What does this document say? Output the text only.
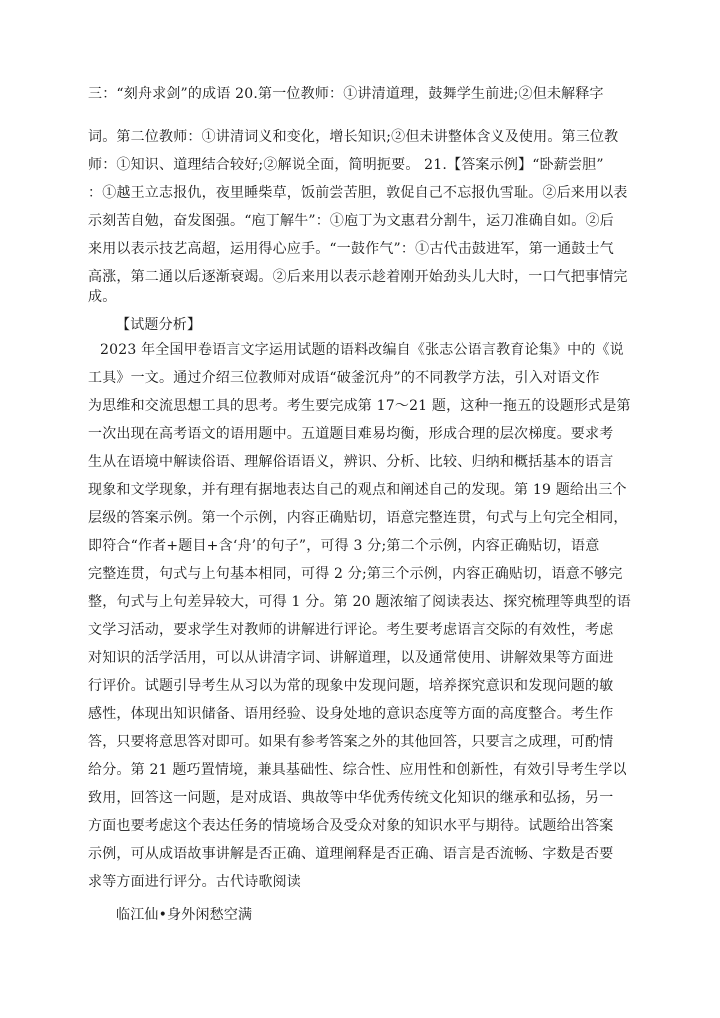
三：“刻舟求剑”的成语 20.第一位教师：①讲清道理，鼓舞学生前进;②但未解释字
词。第二位教师：①讲清词义和变化，增长知识;②但未讲整体含义及使用。第三位教
师：①知识、道理结合较好;②解说全面，简明扼要。 21.【答案示例】“卧薪尝胆”
：①越王立志报仇，夜里睡柴草，饭前尝苦胆，敦促自己不忘报仇雪耻。②后来用以表
示刻苦自勉，奋发图强。“庖丁解牛”：①庖丁为文惠君分割牛，运刀准确自如。②后
来用以表示技艺高超，运用得心应手。“一鼓作气”：①古代击鼓进军，第一通鼓士气
高涨，第二通以后逐渐衰竭。②后来用以表示趁着刚开始劲头儿大时，一口气把事情完
成。
【试题分析】
2023 年全国甲卷语言文字运用试题的语料改编自《张志公语言教育论集》中的《说
工具》一文。通过介绍三位教师对成语“破釜沉舟”的不同教学方法，引入对语文作
为思维和交流思想工具的思考。考生要完成第 17～21 题，这种一拖五的设题形式是第
一次出现在高考语文的语用题中。五道题目难易均衡，形成合理的层次梯度。要求考
生从在语境中解读俗语、理解俗语语义，辨识、分析、比较、归纳和概括基本的语言
现象和文学现象，并有理有据地表达自己的观点和阐述自己的发现。第 19 题给出三个
层级的答案示例。第一个示例，内容正确贴切，语意完整连贯，句式与上句完全相同，
即符合“作者+题目+含‘舟’的句子”，可得 3 分;第二个示例，内容正确贴切，语意
完整连贯，句式与上句基本相同，可得 2 分;第三个示例，内容正确贴切，语意不够完
整，句式与上句差异较大，可得 1 分。第 20 题浓缩了阅读表达、探究梳理等典型的语
文学习活动，要求学生对教师的讲解进行评论。考生要考虑语言交际的有效性，考虑
对知识的活学活用，可以从讲清字词、讲解道理，以及通常使用、讲解效果等方面进
行评价。试题引导考生从习以为常的现象中发现问题，培养探究意识和发现问题的敏
感性，体现出知识储备、语用经验、设身处地的意识态度等方面的高度整合。考生作
答，只要将意思答对即可。如果有参考答案之外的其他回答，只要言之成理，可酌情
给分。第 21 题巧置情境，兼具基础性、综合性、应用性和创新性，有效引导考生学以
致用，回答这一问题，是对成语、典故等中华优秀传统文化知识的继承和弘扬，另一
方面也要考虑这个表达任务的情境场合及受众对象的知识水平与期待。试题给出答案
示例，可从成语故事讲解是否正确、道理阐释是否正确、语言是否流畅、字数是否要
求等方面进行评分。古代诗歌阅读
临江仙•身外闲愁空满
